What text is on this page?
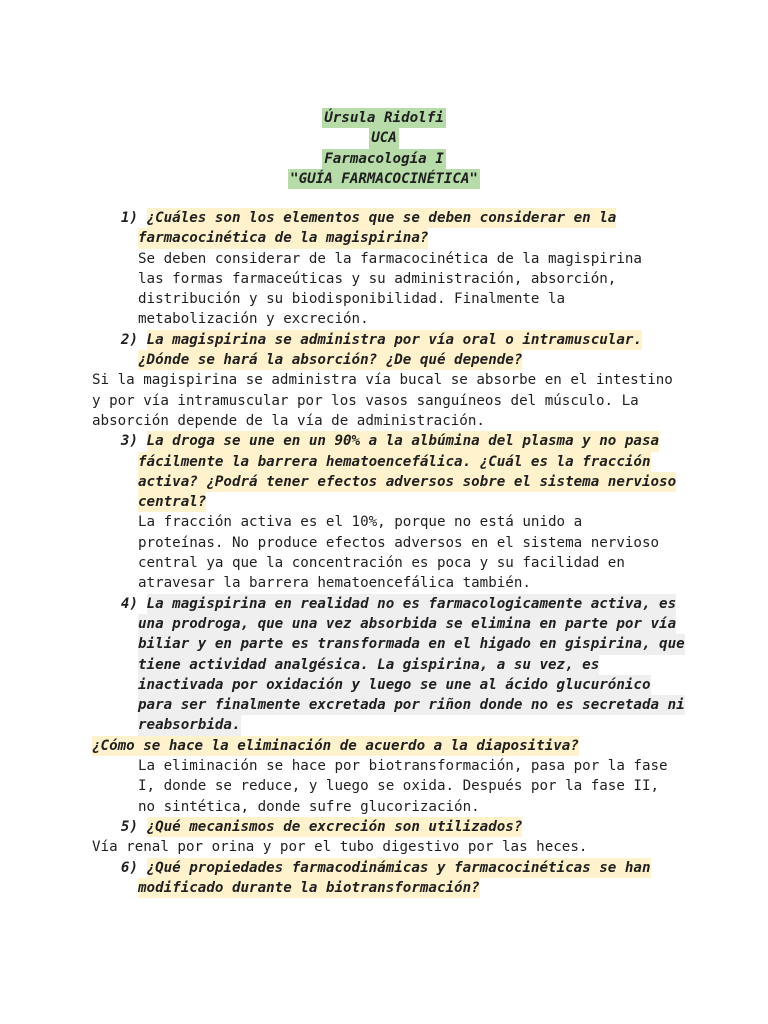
Úrsula Ridolfi
UCA
Farmacología I
"GUÍA FARMACOCINÉTICA"
1) ¿Cuáles son los elementos que se deben considerar en la
farmacocinética de la magispirina?
Se deben considerar de la farmacocinética de la magispirina
las formas farmaceúticas y su administración, absorción,
distribución y su biodisponibilidad. Finalmente la
metabolización y excreción.
2) La magispirina se administra por vía oral o intramuscular.
¿Dónde se hará la absorción? ¿De qué depende?
Si la magispirina se administra vía bucal se absorbe en el intestino
y por vía intramuscular por los vasos sanguíneos del músculo. La
absorción depende de la vía de administración.
3) La droga se une en un 90% a la albúmina del plasma y no pasa
fácilmente la barrera hematoencefálica. ¿Cuál es la fracción
activa? ¿Podrá tener efectos adversos sobre el sistema nervioso
central?
La fracción activa es el 10%, porque no está unido a
proteínas. No produce efectos adversos en el sistema nervioso
central ya que la concentración es poca y su facilidad en
atravesar la barrera hematoencefálica también.
4) La magispirina en realidad no es farmacologicamente activa, es
una prodroga, que una vez absorbida se elimina en parte por vía
biliar y en parte es transformada en el higado en gispirina, que
tiene actividad analgésica. La gispirina, a su vez, es
inactivada por oxidación y luego se une al ácido glucurónico
para ser finalmente excretada por riñon donde no es secretada ni
reabsorbida.
¿Cómo se hace la eliminación de acuerdo a la diapositiva?
La eliminación se hace por biotransformación, pasa por la fase
I, donde se reduce, y luego se oxida. Después por la fase II,
no sintética, donde sufre glucorización.
5) ¿Qué mecanismos de excreción son utilizados?
Vía renal por orina y por el tubo digestivo por las heces.
6) ¿Qué propiedades farmacodinámicas y farmacocinéticas se han
modificado durante la biotransformación?
